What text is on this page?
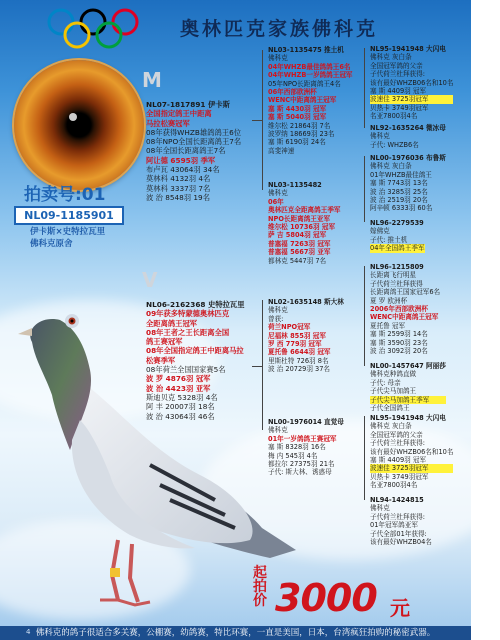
奥林匹克家族佛科克
M
V
拍卖号:01
NL09-1185901
伊卡斯×史特拉瓦里
佛科克原舍
NL07-1817891 伊卡斯
全国指定鸽王中距离
马拉松赛冠军
08年获得WHZB雄鸽鸽王6位
08年NPO全国长距离鸽王7名
08年全国长距离鸽王7名
阿让德 6595羽 季军
布卢瓦 43064羽 34名
莫林科 4132羽 4名
莫林科 3337羽 7名
波 治 8548羽 19名
NL06-2162368 史特拉瓦里
09年获多特蒙德奥林匹克
全距离鸽王冠军
08年王者之王长距离全国
鸽王赛冠军
08年全国指定鸽王中距离马拉
松赛季军
08年荷兰全国国家赛5名
波 罗 4876羽 冠军
波 治 4423羽 亚军
斯迪贝克 5328羽 4名
阿 丰 20007羽 18名
波 治 43064羽 46名
NL03-1135475 推土机
佛科克
04年WHZB最佳鸽鸽王6名
04年WHZB一岁鸽鸽王冠军
05年NPO长距离鸽王4名
06年西部欧洲杯
WENC中距离鸽王冠军
塞 斯 4430羽 冠军
塞 斯 5040羽 冠军
维尔松 21864羽 7名
波罗纳 18669羽 23名
塞 斯 6190羽 24名
高斐神速
NL03-1135482
佛科克
06年
奥林匹克全距离鸽王季军
NPO长距离鸽王亚军
维尔松 10736羽 冠军
萨 吉 5804羽 冠军
普塞福 7263羽 冠军
普塞福 5667羽 亚军
都林克 5447羽 7名
NL02-1635148 斯大林
佛科克
曾获:
荷兰NPO冠军
尼福林 855羽 冠军
罗 西 779羽 冠军
夏托鲁 6644羽 冠军
里斯杜特 726羽 8名
波 治 20729羽 37名
NL00-1976014 直觉母
佛科克
01年一岁鸽鸽王赛冠军
塞 斯 8328羽 16名
梅 内 545羽 4名
都拉尔 27375羽 21名
子代: 斯大林、诱惑母
NL95-1941948 大闪电
佛科克 灰白条
全国冠军鸽的父亲
子代荷兰杜拜获得:
该有最好WHZB06名和10名
塞 斯 4409羽 冠军
波速佳 3725羽冠军
贝热卡 3749羽冠军
名亚7800羽4名
NL92-1635264 微冰母
佛科克
子代: WHZB6名
NL00-1976036 布鲁斯
佛科克 灰白条
01年WHZB最佳鸽王
塞 斯 7743羽 13名
波 治 3285羽 25名
波 治 2519羽 20名
阿辛顿 6333羽 60名
NL96-2279539
嫁佛克
子代: 推土机
04年全国鸽王季军
NL96-1215809
长距离飞行明星
子代荷兰杜拜获得
长距离鸽王国家冠军6名
夏 罗 欧洲杯
2006年西部欧洲杯
WENC中距离鸽王冠军
夏托鲁 冠军
塞 斯 2599羽 14名
塞 斯 3590羽 23名
波 治 3092羽 20名
NL00-1457647 阿丽莎
佛科克种鸽直做
子代: 母亲
子代尖马加鸽王
子代尖马加鸽王季军
子代全国鸽王
NL95-1941948 大闪电
佛科克 灰白条
全国冠军鸽的父亲
子代荷兰杜拜获得:
该有最好WHZB06名和10名
塞 斯 4409羽 冠军
波速佳 3725羽冠军
贝热卡 3749羽冠军
名亚7800羽4名
NL94-1424815
佛科克
子代荷兰杜拜获得:
01年冠军鸽亚军
子代全部01年获得:
该有最好WHZB04名
起
拍
价 3000 元
佛科克的鸽子很适合多关赛，公棚赛，幼鸽赛，特比环赛，一直是美国，日本，台湾疯狂拍购的秘密武器。
4
